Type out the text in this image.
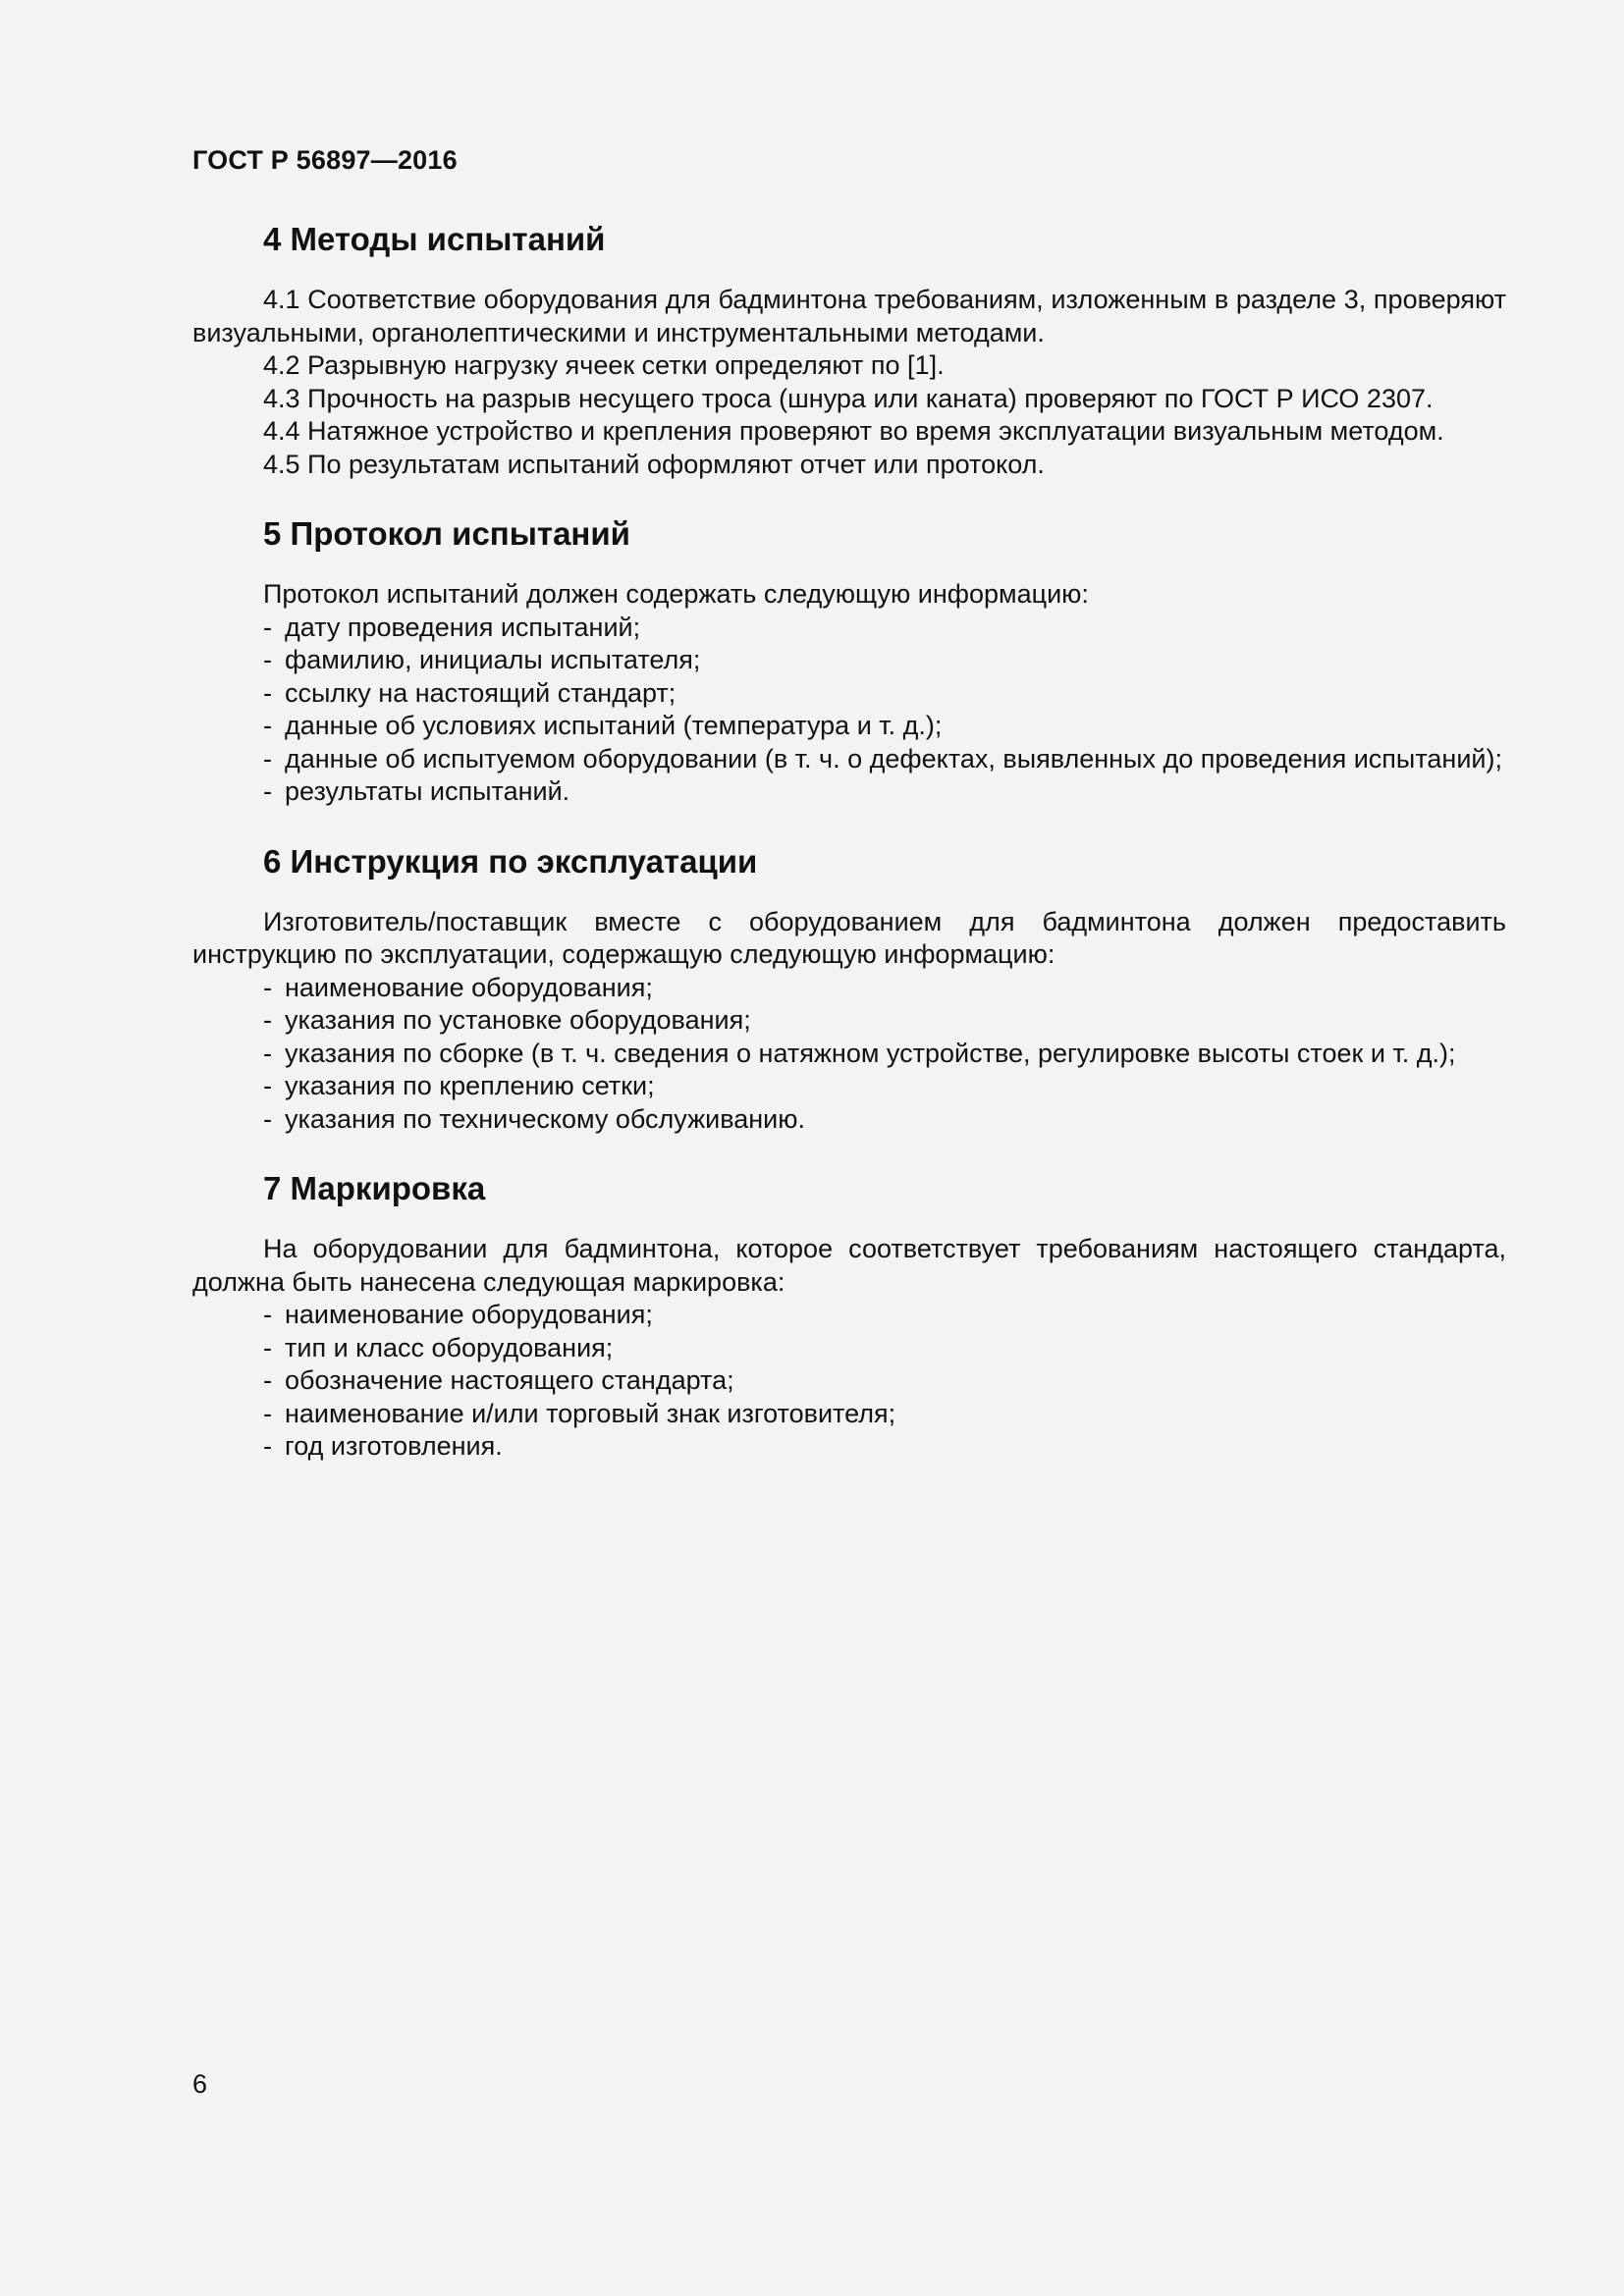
ГОСТ Р 56897—2016
4 Методы испытаний

4.1 Соответствие оборудования для бадминтона требованиям, изложенным в разделе 3, проверяют визуальными, органолептическими и инструментальными методами.

4.2 Разрывную нагрузку ячеек сетки определяют по [1].

4.3 Прочность на разрыв несущего троса (шнура или каната) проверяют по ГОСТ Р ИСО 2307.

4.4 Натяжное устройство и крепления проверяют во время эксплуатации визуальным методом.

4.5 По результатам испытаний оформляют отчет или протокол.

5 Протокол испытаний

Протокол испытаний должен содержать следующую информацию:

- дату проведения испытаний;
- фамилию, инициалы испытателя;
- ссылку на настоящий стандарт;
- данные об условиях испытаний (температура и т. д.);
- данные об испытуемом оборудовании (в т. ч. о дефектах, выявленных до проведения испытаний);
- результаты испытаний.
6 Инструкция по эксплуатации

Изготовитель/поставщик вместе с оборудованием для бадминтона должен предоставить инструкцию по эксплуатации, содержащую следующую информацию:

- наименование оборудования;
- указания по установке оборудования;
- указания по сборке (в т. ч. сведения о натяжном устройстве, регулировке высоты стоек и т. д.);
- указания по креплению сетки;
- указания по техническому обслуживанию.
7 Маркировка

На оборудовании для бадминтона, которое соответствует требованиям настоящего стандарта, должна быть нанесена следующая маркировка:

- наименование оборудования;
- тип и класс оборудования;
- обозначение настоящего стандарта;
- наименование и/или торговый знак изготовителя;
- год изготовления.
6
